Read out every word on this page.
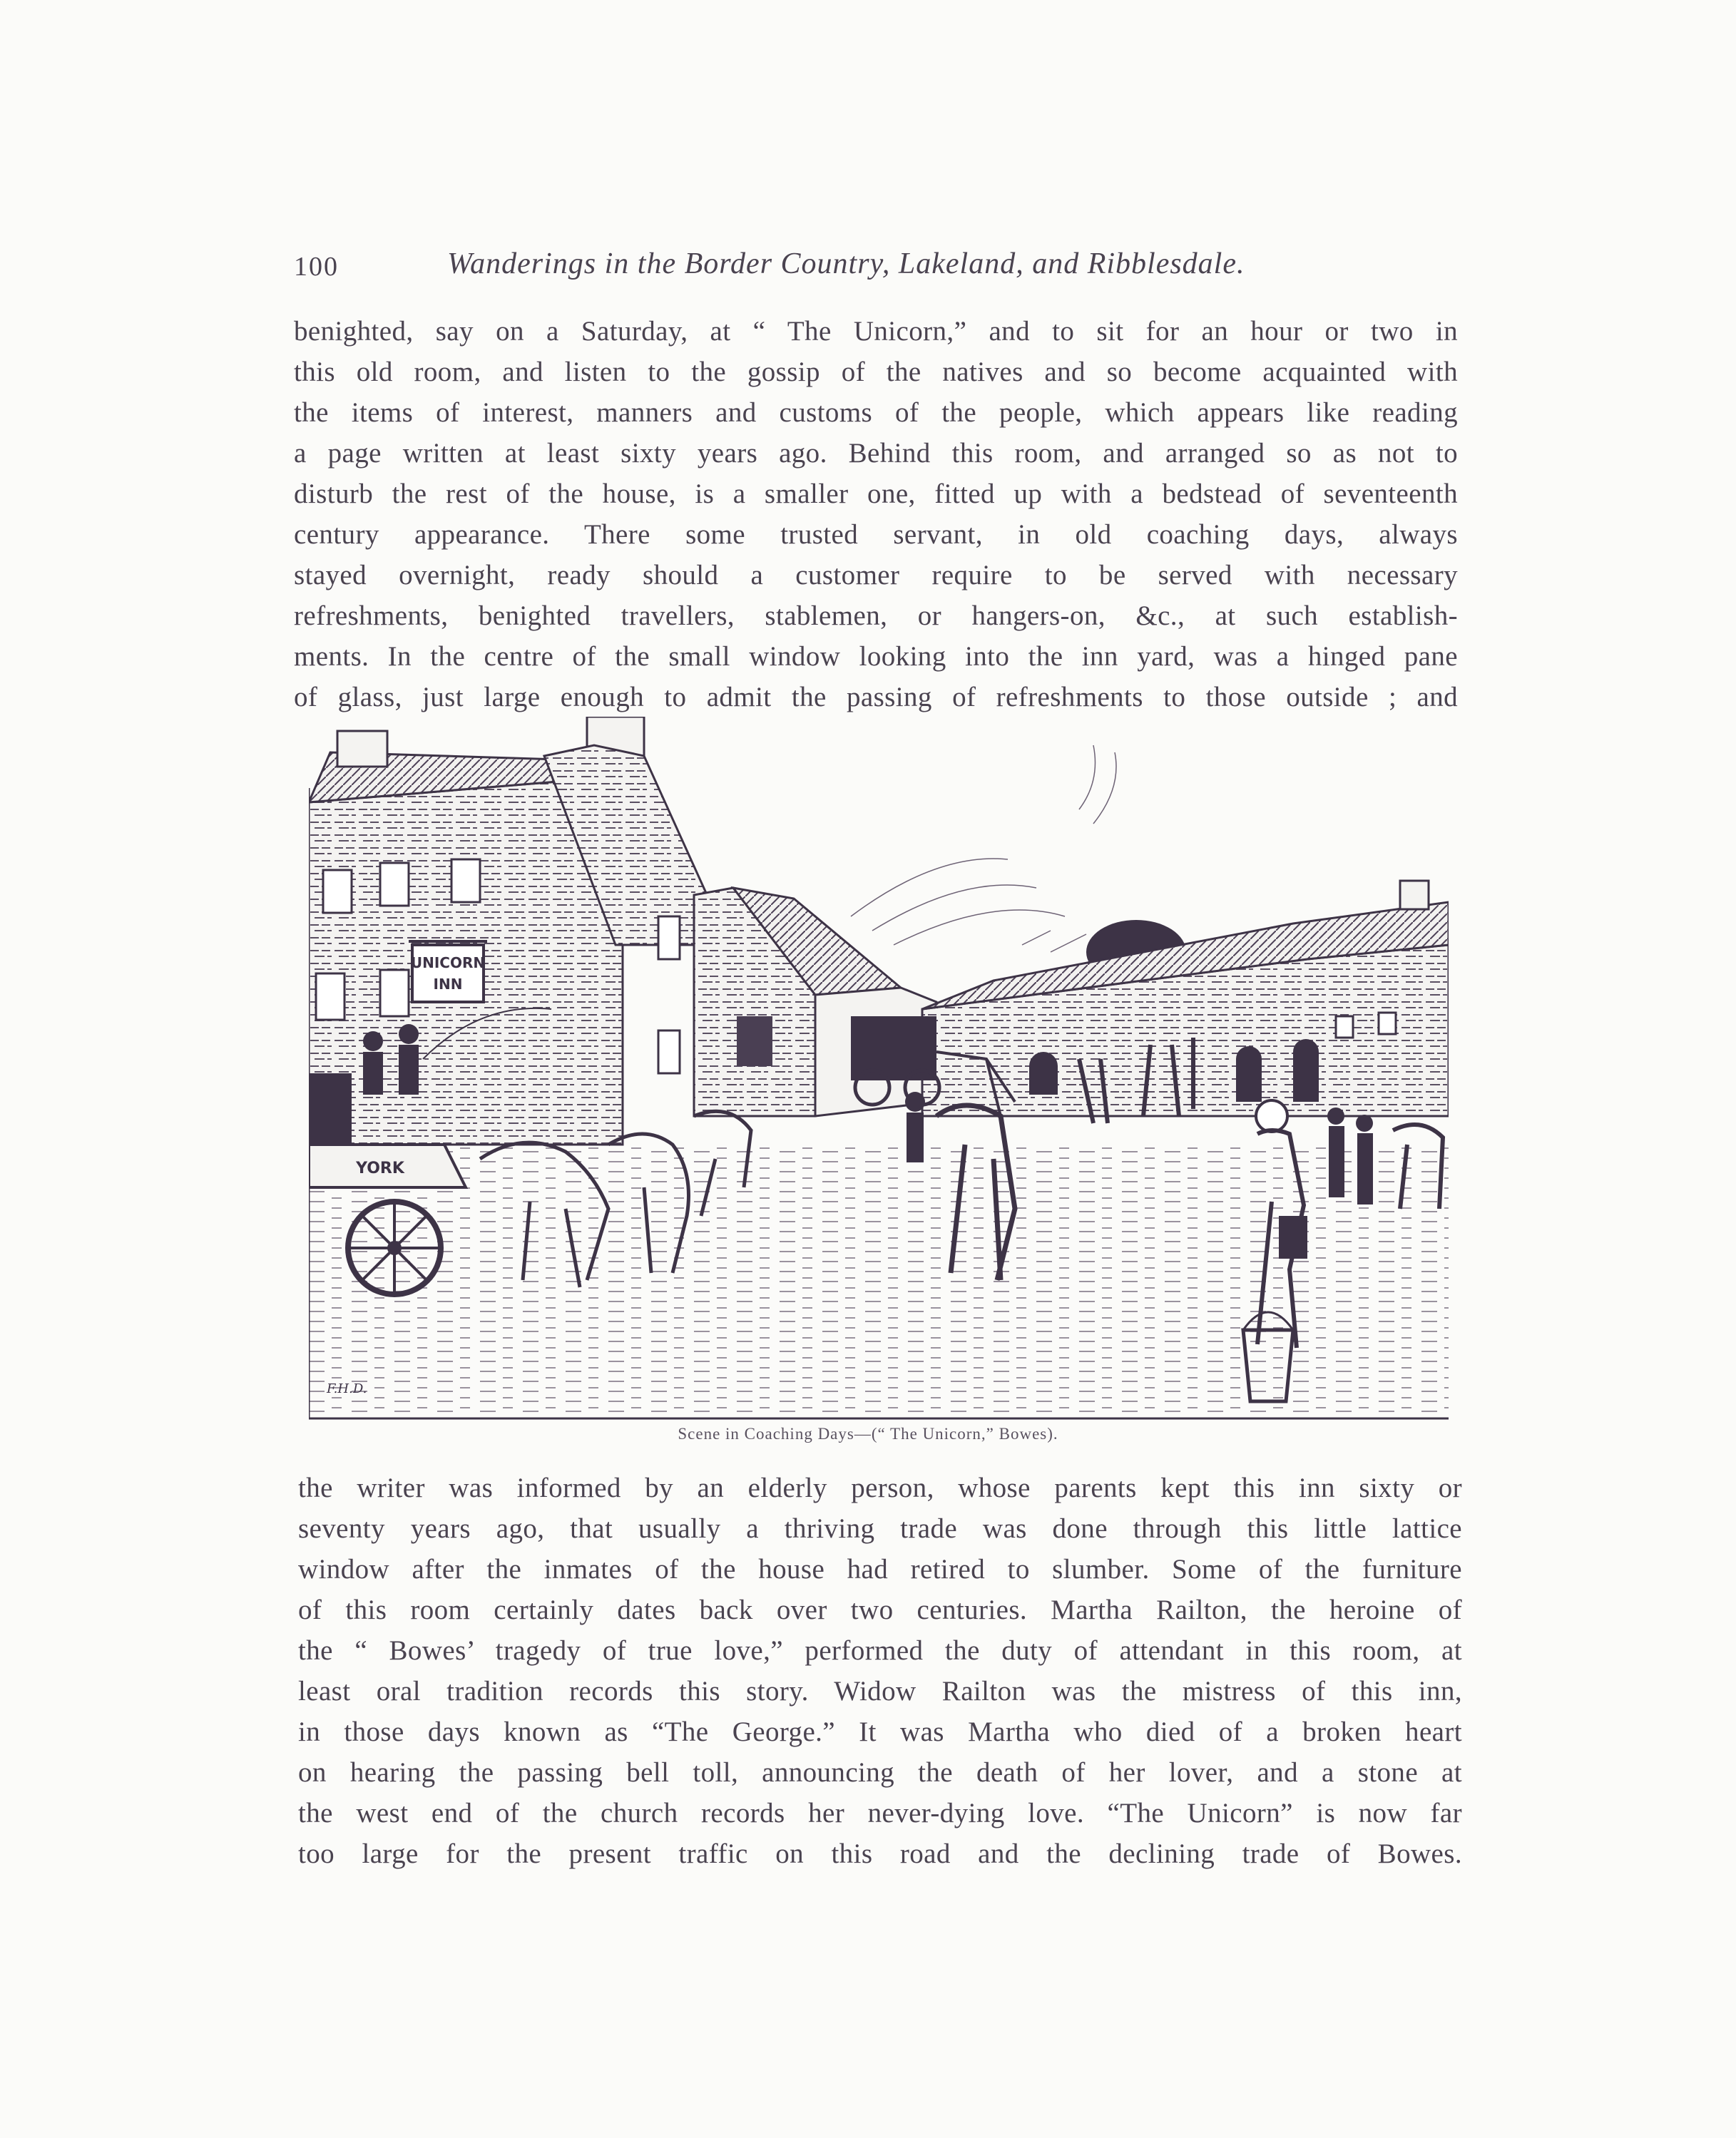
100	Wanderings in the Border Country, Lakeland, and Ribblesdale.
benighted, say on a Saturday, at “ The Unicorn,” and to sit for an hour or two in
this old room, and listen to the gossip of the natives and so become acquainted with
the items of interest, manners and customs of the people, which appears like reading
a page written at least sixty years ago. Behind this room, and arranged so as not to
disturb the rest of the house, is a smaller one, fitted up with a bedstead of seventeenth
century appearance. There some trusted servant, in old coaching days, always
stayed overnight, ready should a customer require to be served with necessary
refreshments, benighted travellers, stablemen, or hangers-on, &c., at such establish-
ments. In the centre of the small window looking into the inn yard, was a hinged pane
of glass, just large enough to admit the passing of refreshments to those outside ; and
UNICORN
INN
YORK
F.H.D.
Scene in Coaching Days—(“ The Unicorn,” Bowes).
the writer was informed by an elderly person, whose parents kept this inn sixty or
seventy years ago, that usually a thriving trade was done through this little lattice
window after the inmates of the house had retired to slumber. Some of the furniture
of this room certainly dates back over two centuries. Martha Railton, the heroine of
the “ Bowes’ tragedy of true love,” performed the duty of attendant in this room, at
least oral tradition records this story. Widow Railton was the mistress of this inn,
in those days known as “The George.” It was Martha who died of a broken heart
on hearing the passing bell toll, announcing the death of her lover, and a stone at
the west end of the church records her never-dying love. “The Unicorn” is now far
too large for the present traffic on this road and the declining trade of Bowes.
